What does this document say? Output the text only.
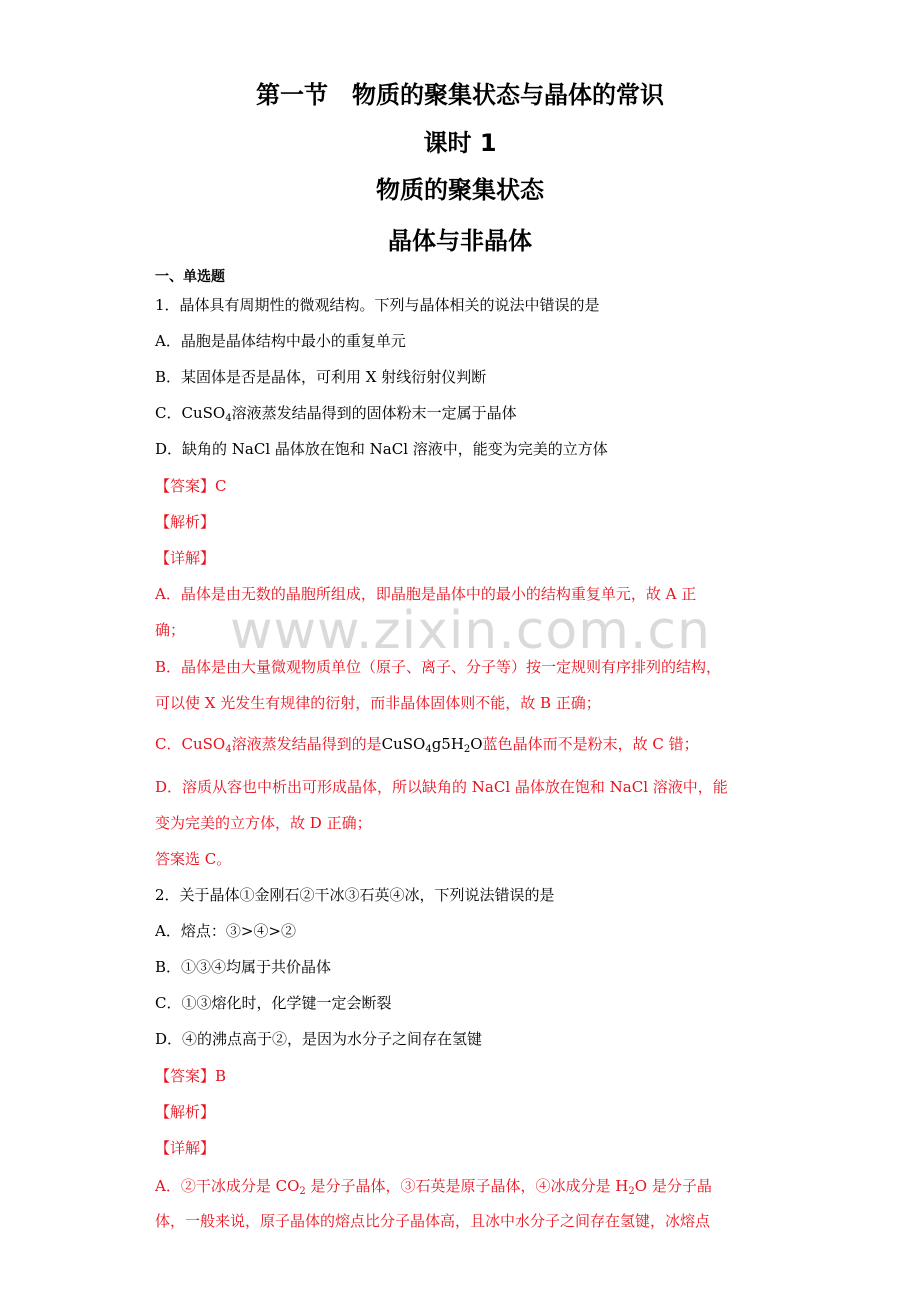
第一节　物质的聚集状态与晶体的常识
课时 1
物质的聚集状态
晶体与非晶体
一、单选题
1．晶体具有周期性的微观结构。下列与晶体相关的说法中错误的是
A．晶胞是晶体结构中最小的重复单元
B．某固体是否是晶体，可利用 X 射线衍射仪判断
C．CuSO$_4$溶液蒸发结晶得到的固体粉末一定属于晶体
D．缺角的 NaCl 晶体放在饱和 NaCl 溶液中，能变为完美的立方体
【答案】C
【解析】
【详解】
A．晶体是由无数的晶胞所组成，即晶胞是晶体中的最小的结构重复单元，故 A 正
确；
B．晶体是由大量微观物质单位（原子、离子、分子等）按一定规则有序排列的结构，
可以使 X 光发生有规律的衍射，而非晶体固体则不能，故 B 正确；
C．CuSO$_4$溶液蒸发结晶得到的是$CuSO_4g5H_2O$蓝色晶体而不是粉末，故 C 错；
D．溶质从容也中析出可形成晶体，所以缺角的 NaCl 晶体放在饱和 NaCl 溶液中，能
变为完美的立方体，故 D 正确；
答案选 C。
2．关于晶体①金刚石②干冰③石英④冰，下列说法错误的是
A．熔点：③>④>②
B．①③④均属于共价晶体
C．①③熔化时，化学键一定会断裂
D．④的沸点高于②，是因为水分子之间存在氢键
【答案】B
【解析】
【详解】
A．②干冰成分是 $CO_2$ 是分子晶体，③石英是原子晶体，④冰成分是 $H_2O$ 是分子晶
体，一般来说，原子晶体的熔点比分子晶体高，且冰中水分子之间存在氢键，冰熔点
www.zixin.com.cn
